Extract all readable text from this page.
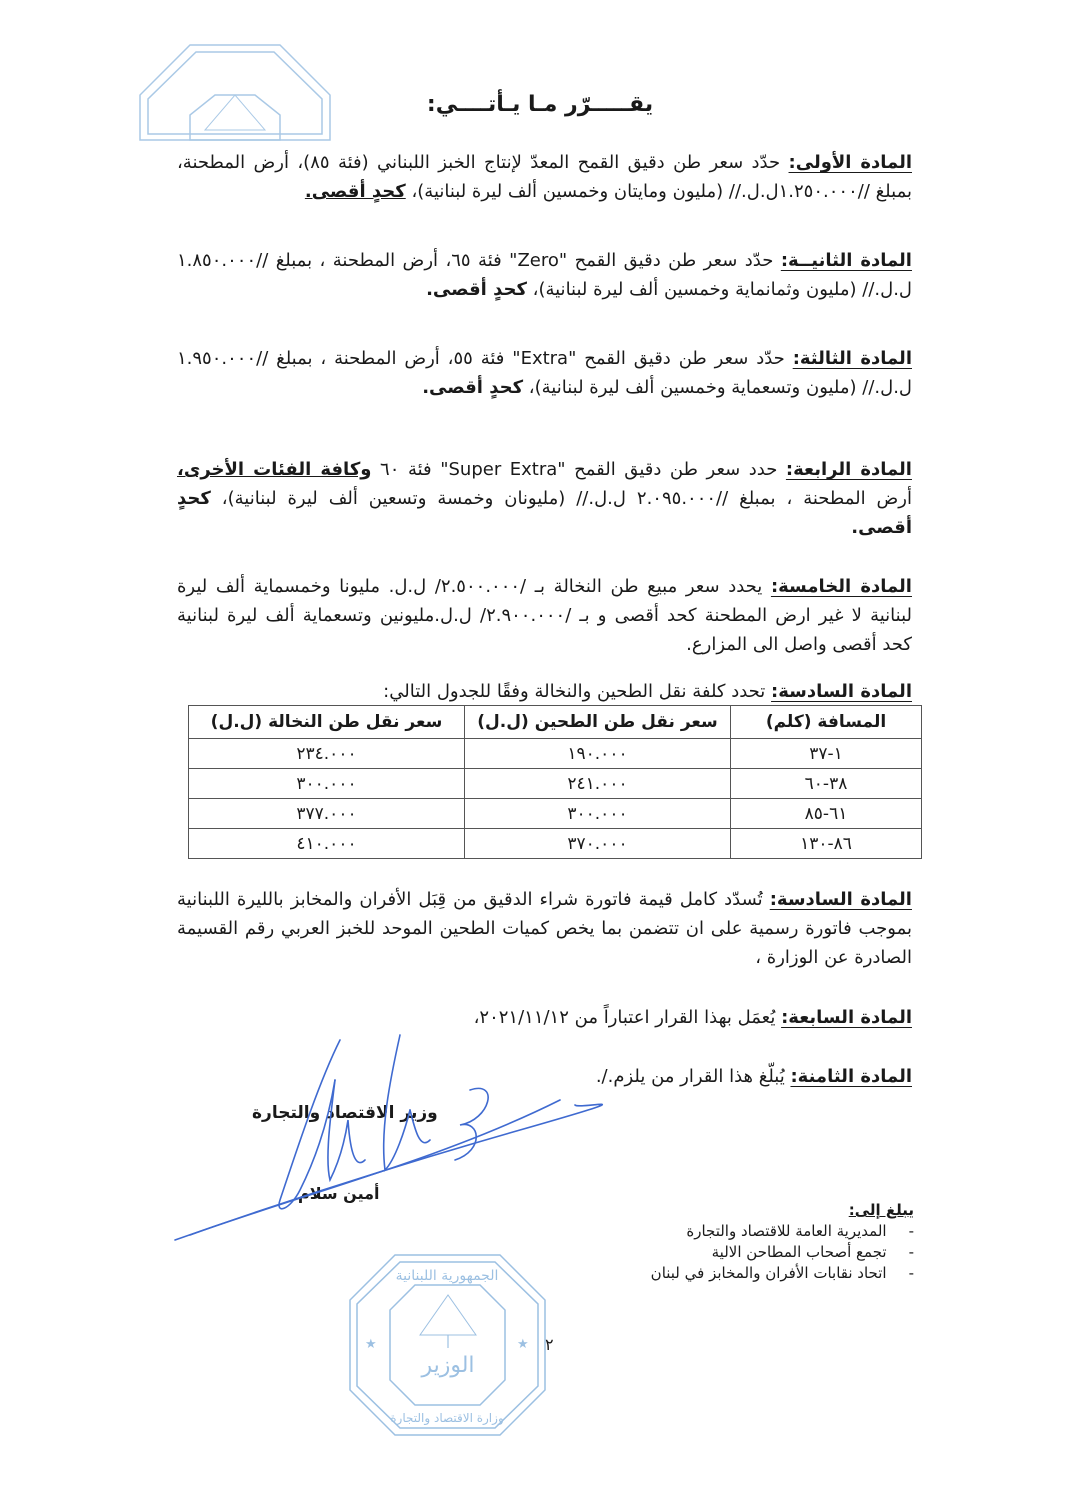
يقـــــرّر مـا يـأتــــي:
المادة الأولى: حدّد سعر طن دقيق القمح المعدّ لإنتاج الخبز اللبناني (فئة ٨٥)، أرض المطحنة، بمبلغ //١.٢٥٠.٠٠٠ل.ل.// (مليون ومايتان وخمسين ألف ليرة لبنانية)، كحدٍ أقصى.
المادة الثانيــة: حدّد سعر طن دقيق القمح "Zero" فئة ٦٥، أرض المطحنة ، بمبلغ //١.٨٥٠.٠٠٠ ل.ل.// (مليون وثمانماية وخمسين ألف ليرة لبنانية)، كحدٍ أقصى.
المادة الثالثة: حدّد سعر طن دقيق القمح "Extra" فئة ٥٥، أرض المطحنة ، بمبلغ //١.٩٥٠.٠٠٠ ل.ل.// (مليون وتسعماية وخمسين ألف ليرة لبنانية)، كحدٍ أقصى.
المادة الرابعة: حدد سعر طن دقيق القمح "Super Extra" فئة ٦٠ وكافة الفئات الأخرى، أرض المطحنة ، بمبلغ //٢.٠٩٥.٠٠٠ ل.ل.// (مليونان وخمسة وتسعين ألف ليرة لبنانية)، كحدٍ أقصى.
المادة الخامسة: يحدد سعر مبيع طن النخالة بـ /٢.٥٠٠.٠٠٠/ ل.ل. مليونا وخمسماية ألف ليرة لبنانية لا غير ارض المطحنة كحد أقصى و بـ /٢.٩٠٠.٠٠٠/ ل.ل.مليونين وتسعماية ألف ليرة لبنانية كحد أقصى واصل الى المزارع.
المادة السادسة: تحدد كلفة نقل الطحين والنخالة وفقًا للجدول التالي:
المسافة (كلم)	سعر نقل طن الطحين (ل.ل)	سعر نقل طن النخالة (ل.ل)
١-٣٧	١٩٠.٠٠٠	٢٣٤.٠٠٠
٣٨-٦٠	٢٤١.٠٠٠	٣٠٠.٠٠٠
٦١-٨٥	٣٠٠.٠٠٠	٣٧٧.٠٠٠
٨٦-١٣٠	٣٧٠.٠٠٠	٤١٠.٠٠٠
المادة السادسة: تُسدّد كامل قيمة فاتورة شراء الدقيق من قِبَل الأفران والمخابز بالليرة اللبنانية بموجب فاتورة رسمية على ان تتضمن بما يخص كميات الطحين الموحد للخبز العربي رقم القسيمة الصادرة عن الوزارة ،
المادة السابعة: يُعمَل بهذا القرار اعتباراً من ٢٠٢١/١١/١٢،
المادة الثامنة: يُبلّغ هذا القرار من يلزم./.
وزير الاقتصاد والتجارة
أمين سلام
يبلغ إلى:
- المديرية العامة للاقتصاد والتجارة
- تجمع أصحاب المطاحن الالية
- اتحاد نقابات الأفران والمخابز في لبنان
٢
الجمهورية اللبنانية
الوزير
وزارة الاقتصاد والتجارة
★	★
